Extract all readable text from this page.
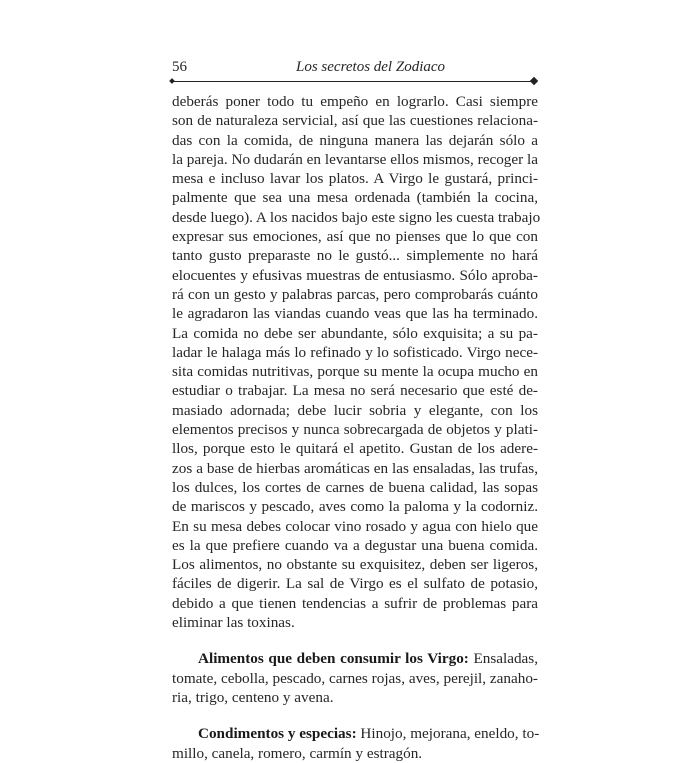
56	Los secretos del Zodiaco

deberás poner todo tu empeño en lograrlo. Casi siempre
son de naturaleza servicial, así que las cuestiones relaciona-
das con la comida, de ninguna manera las dejarán sólo a
la pareja. No dudarán en levantarse ellos mismos, recoger la
mesa e incluso lavar los platos. A Virgo le gustará, princi-
palmente que sea una mesa ordenada (también la cocina,
desde luego). A los nacidos bajo este signo les cuesta trabajo
expresar sus emociones, así que no pienses que lo que con
tanto gusto preparaste no le gustó... simplemente no hará
elocuentes y efusivas muestras de entusiasmo. Sólo aproba-
rá con un gesto y palabras parcas, pero comprobarás cuánto
le agradaron las viandas cuando veas que las ha terminado.
La comida no debe ser abundante, sólo exquisita; a su pa-
ladar le halaga más lo refinado y lo sofisticado. Virgo nece-
sita comidas nutritivas, porque su mente la ocupa mucho en
estudiar o trabajar. La mesa no será necesario que esté de-
masiado adornada; debe lucir sobria y elegante, con los
elementos precisos y nunca sobrecargada de objetos y plati-
llos, porque esto le quitará el apetito. Gustan de los adere-
zos a base de hierbas aromáticas en las ensaladas, las trufas,
los dulces, los cortes de carnes de buena calidad, las sopas
de mariscos y pescado, aves como la paloma y la codorniz.
En su mesa debes colocar vino rosado y agua con hielo que
es la que prefiere cuando va a degustar una buena comida.
Los alimentos, no obstante su exquisitez, deben ser ligeros,
fáciles de digerir. La sal de Virgo es el sulfato de potasio,
debido a que tienen tendencias a sufrir de problemas para
eliminar las toxinas.

Alimentos que deben consumir los Virgo: Ensaladas,
tomate, cebolla, pescado, carnes rojas, aves, perejil, zanaho-
ria, trigo, centeno y avena.

Condimentos y especias: Hinojo, mejorana, eneldo, to-
millo, canela, romero, carmín y estragón.
